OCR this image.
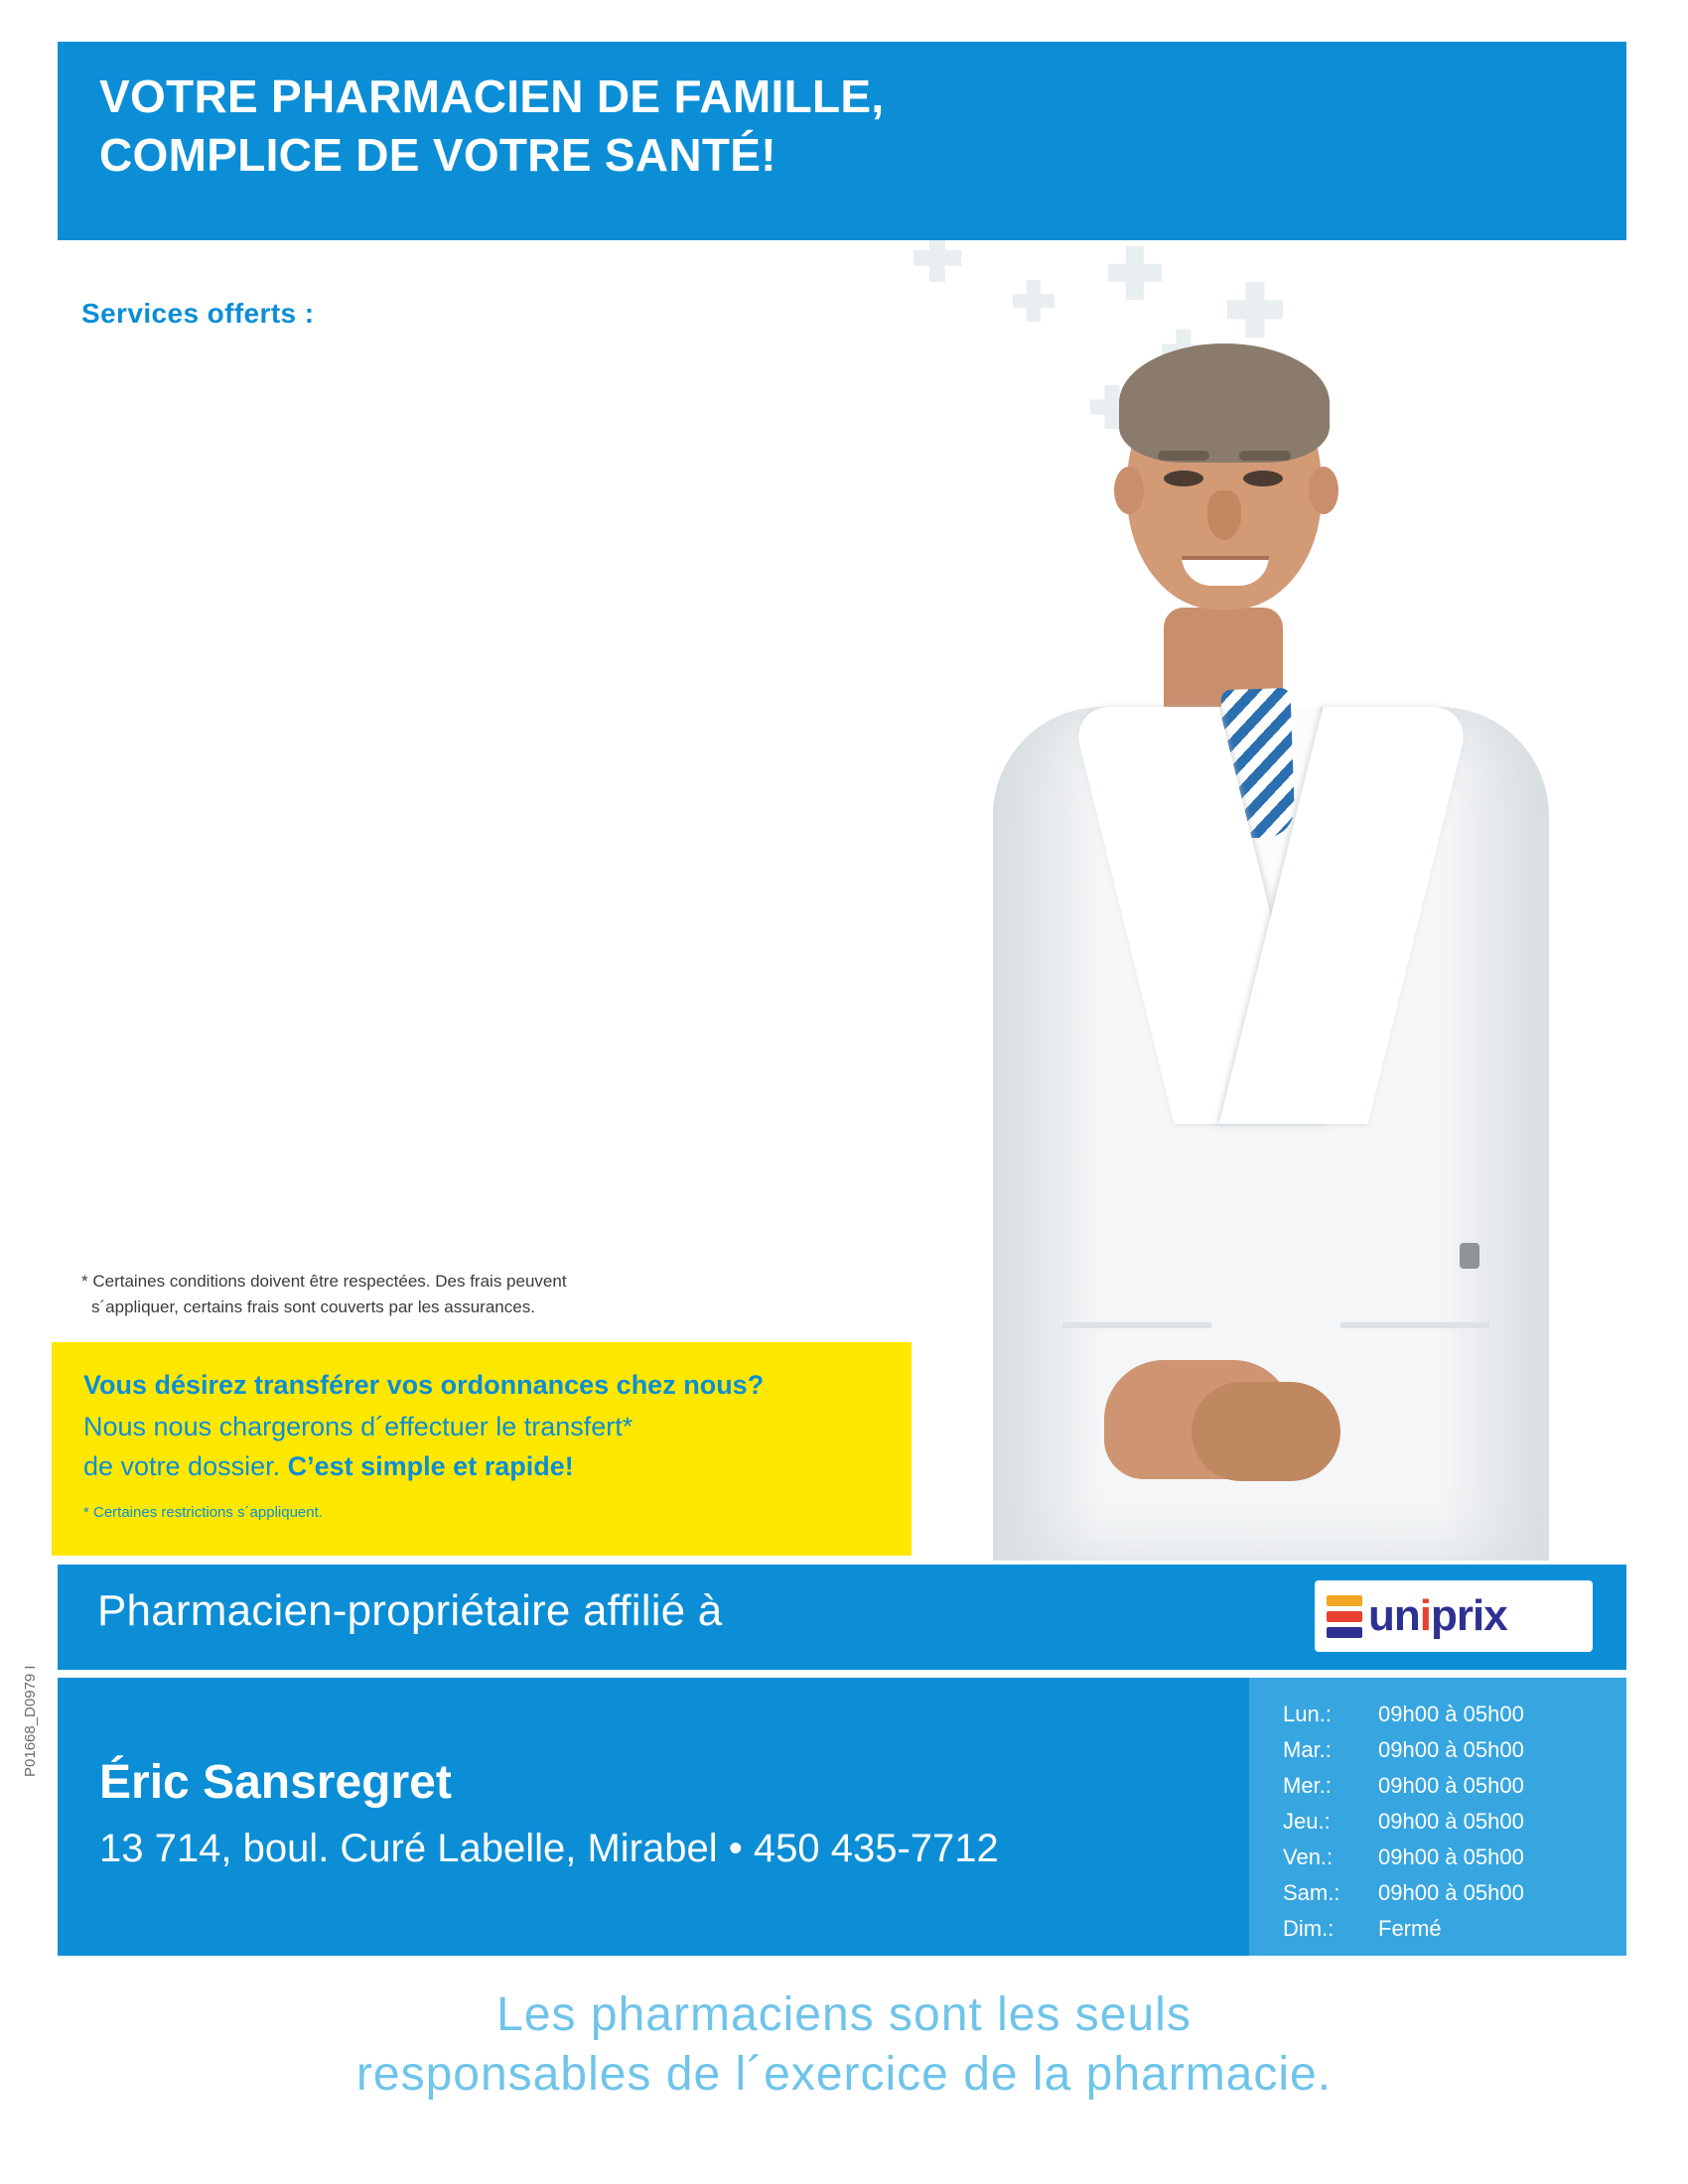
VOTRE PHARMACIEN DE FAMILLE,
COMPLICE DE VOTRE SANTÉ!
Services offerts :
* Certaines conditions doivent être respectées. Des frais peuvent
s´appliquer, certains frais sont couverts par les assurances.
Vous désirez transférer vos ordonnances chez nous?
Nous nous chargerons d´effectuer le transfert*
de votre dossier. C’est simple et rapide!
* Certaines restrictions s´appliquent.
Pharmacien-propriétaire affilié à	uniprix
Éric Sansregret
13 714, boul. Curé Labelle, Mirabel • 450 435-7712
Lun.:	09h00 à 05h00
Mar.:	09h00 à 05h00
Mer.:	09h00 à 05h00
Jeu.:	09h00 à 05h00
Ven.:	09h00 à 05h00
Sam.:	09h00 à 05h00
Dim.:	Fermé
P01668_D0979 I
Les pharmaciens sont les seuls
responsables de l´exercice de la pharmacie.
